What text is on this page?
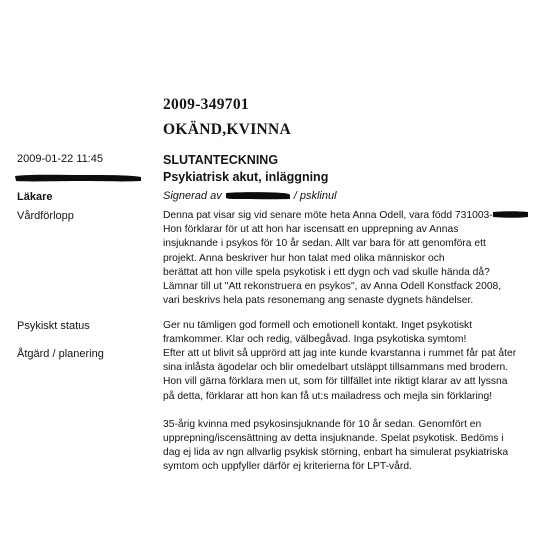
2009-349701
OKÄND,KVINNA
2009-01-22 11:45	SLUTANTECKNING
Psykiatrisk akut, inläggning
Läkare	Signerad av	/ psklinul
Vårdförlopp	Denna pat visar sig vid senare möte heta Anna Odell, vara född 731003-
Hon förklarar för ut att hon har iscensatt en upprepning av Annas
insjuknande i psykos för 10 år sedan. Allt var bara för att genomföra ett
projekt. Anna beskriver hur hon talat med olika människor och
berättat att hon ville spela psykotisk i ett dygn och vad skulle hända då?
Lämnar till ut "Att rekonstruera en psykos", av Anna Odell Konstfack 2008,
vari beskrivs hela pats resonemang ang senaste dygnets händelser.
Psykiskt status	Ger nu tämligen god formell och emotionell kontakt. Inget psykotiskt
framkommer. Klar och redig, välbegåvad. Inga psykotiska symtom!
Åtgärd / planering	Efter att ut blivit så upprörd att jag inte kunde kvarstanna i rummet får pat åter
sina inlåsta ägodelar och blir omedelbart utsläppt tillsammans med brodern.
Hon vill gärna förklara men ut, som för tillfället inte riktigt klarar av att lyssna
på detta, förklarar att hon kan få ut:s mailadress och mejla sin förklaring!
35-årig kvinna med psykosinsjuknande för 10 år sedan. Genomfört en
upprepning/iscensättning av detta insjuknande. Spelat psykotisk. Bedöms i
dag ej lida av ngn allvarlig psykisk störning, enbart ha simulerat psykiatriska
symtom och uppfyller därför ej kriterierna för LPT-vård.
